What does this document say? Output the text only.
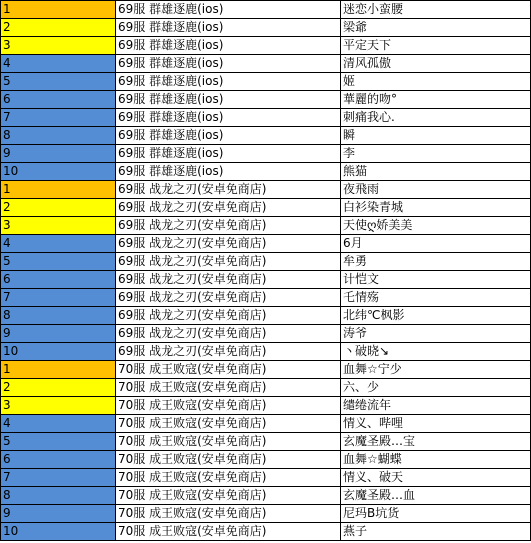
1	69服 群雄逐鹿(ios)	迷恋小蛮腰
2	69服 群雄逐鹿(ios)	梁爺
3	69服 群雄逐鹿(ios)	平定天下
4	69服 群雄逐鹿(ios)	清风孤傲
5	69服 群雄逐鹿(ios)	姬
6	69服 群雄逐鹿(ios)	華麗的吻°
7	69服 群雄逐鹿(ios)	刺痛我心.
8	69服 群雄逐鹿(ios)	瞬
9	69服 群雄逐鹿(ios)	李
10	69服 群雄逐鹿(ios)	熊猫
1	69服 战龙之刃(安卓免商店)	夜飛雨
2	69服 战龙之刃(安卓免商店)	白衫染青城
3	69服 战龙之刃(安卓免商店)	天使ღ娇美美
4	69服 战龙之刃(安卓免商店)	6月
5	69服 战龙之刃(安卓免商店)	牟勇
6	69服 战龙之刃(安卓免商店)	计恺文
7	69服 战龙之刃(安卓免商店)	乇情殇
8	69服 战龙之刃(安卓免商店)	北纬℃枫影
9	69服 战龙之刃(安卓免商店)	涛爷
10	69服 战龙之刃(安卓免商店)	丶破晓↘
1	70服 成王败寇(安卓免商店)	血舞☆宁少
2	70服 成王败寇(安卓免商店)	六、少
3	70服 成王败寇(安卓免商店)	缱绻流年
4	70服 成王败寇(安卓免商店)	情义、哔哩
5	70服 成王败寇(安卓免商店)	玄魔圣殿…宝
6	70服 成王败寇(安卓免商店)	血舞☆蝴蝶
7	70服 成王败寇(安卓免商店)	情义、破天
8	70服 成王败寇(安卓免商店)	玄魔圣殿…血
9	70服 成王败寇(安卓免商店)	尼玛B坑货
10	70服 成王败寇(安卓免商店)	燕子
